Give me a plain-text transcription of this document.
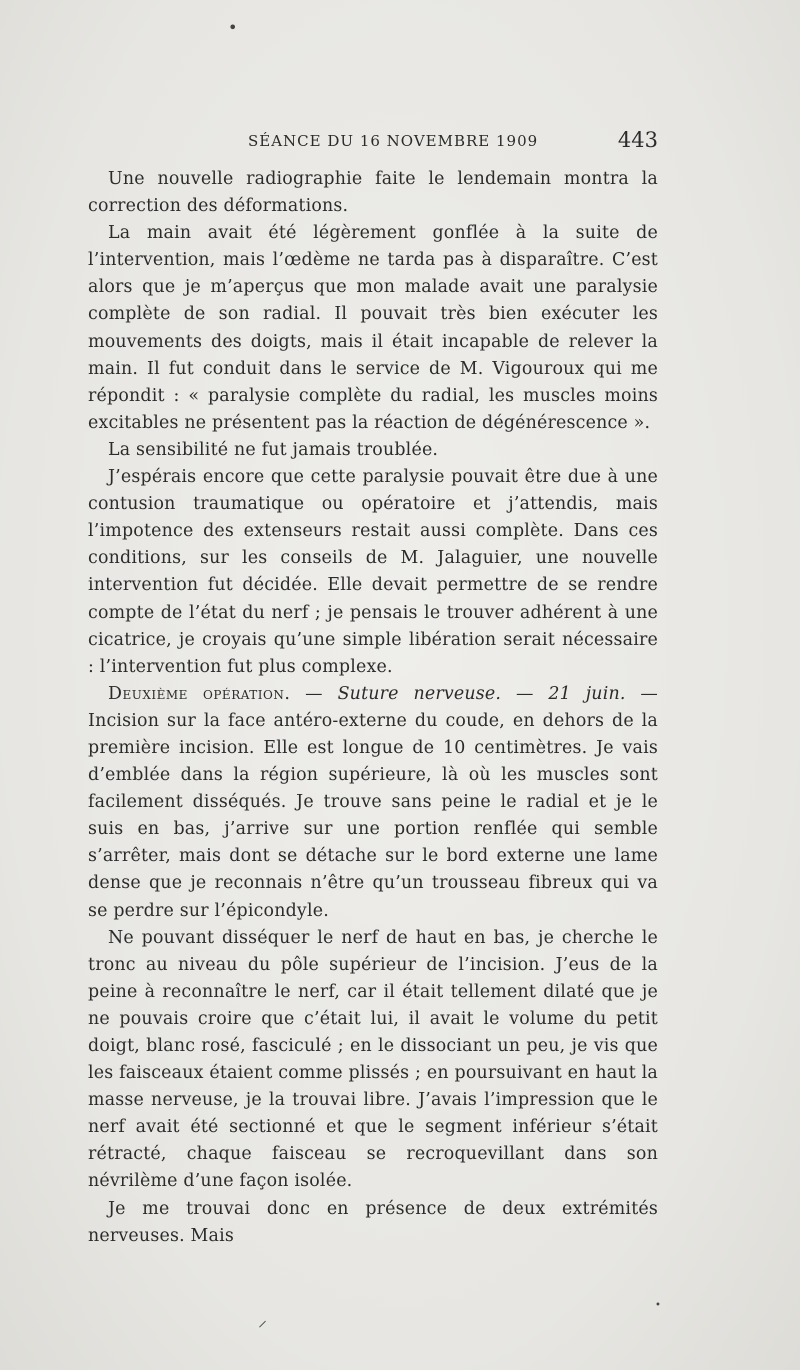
•
SÉANCE DU 16 NOVEMBRE 1909	443

Une nouvelle radiographie faite le lendemain montra la correction des déformations.

La main avait été légèrement gonflée à la suite de l’intervention, mais l’œdème ne tarda pas à disparaître. C’est alors que je m’aperçus que mon malade avait une paralysie complète de son radial. Il pouvait très bien exécuter les mouvements des doigts, mais il était incapable de relever la main. Il fut conduit dans le service de M. Vigouroux qui me répondit : « paralysie complète du radial, les muscles moins excitables ne présentent pas la réaction de dégénérescence ».

La sensibilité ne fut jamais troublée.

J’espérais encore que cette paralysie pouvait être due à une contusion traumatique ou opératoire et j’attendis, mais l’impotence des extenseurs restait aussi complète. Dans ces conditions, sur les conseils de M. Jalaguier, une nouvelle intervention fut décidée. Elle devait permettre de se rendre compte de l’état du nerf ; je pensais le trouver adhérent à une cicatrice, je croyais qu’une simple libération serait nécessaire : l’intervention fut plus complexe.

Deuxième opération. — Suture nerveuse. — 21 juin. — Incision sur la face antéro-externe du coude, en dehors de la première incision. Elle est longue de 10 centimètres. Je vais d’emblée dans la région supérieure, là où les muscles sont facilement disséqués. Je trouve sans peine le radial et je le suis en bas, j’arrive sur une portion renflée qui semble s’arrêter, mais dont se détache sur le bord externe une lame dense que je reconnais n’être qu’un trousseau fibreux qui va se perdre sur l’épicondyle.

Ne pouvant disséquer le nerf de haut en bas, je cherche le tronc au niveau du pôle supérieur de l’incision. J’eus de la peine à reconnaître le nerf, car il était tellement dilaté que je ne pouvais croire que c’était lui, il avait le volume du petit doigt, blanc rosé, fasciculé ; en le dissociant un peu, je vis que les faisceaux étaient comme plissés ; en poursuivant en haut la masse nerveuse, je la trouvai libre. J’avais l’impression que le nerf avait été sectionné et que le segment inférieur s’était rétracté, chaque faisceau se recroquevillant dans son névrilème d’une façon isolée.

Je me trouvai donc en présence de deux extrémités nerveuses. Mais

⸝
•
